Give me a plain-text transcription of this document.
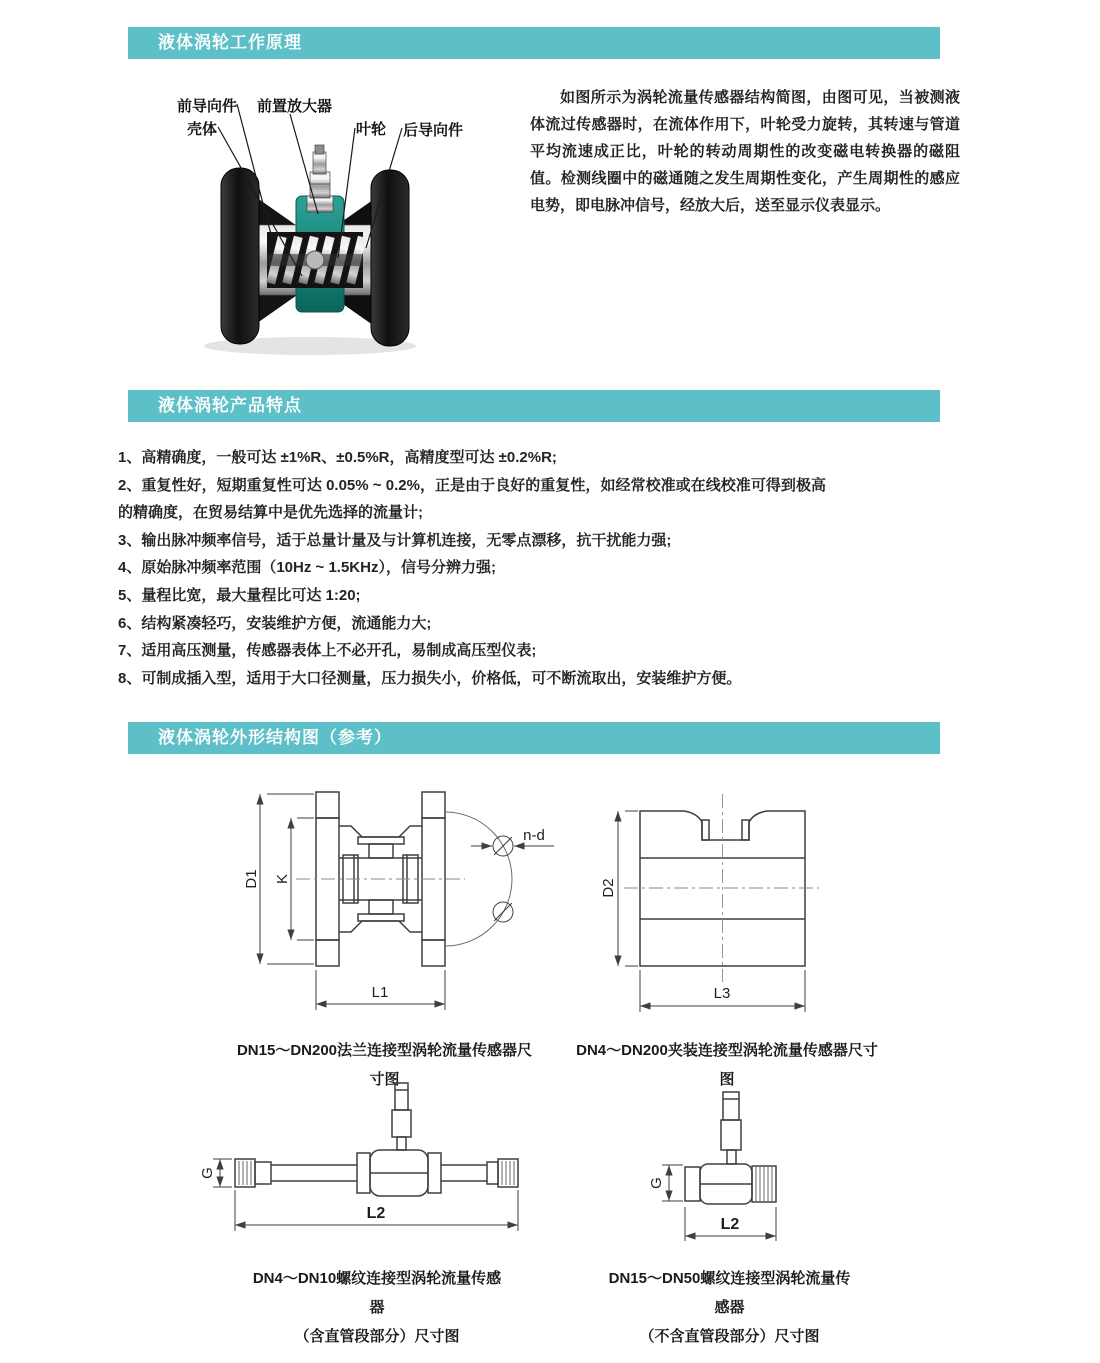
液体涡轮工作原理
前导向件 前置放大器
壳体	叶轮 后导向件

如图所示为涡轮流量传感器结构简图，由图可见，当被测液体流过传感器时，在流体作用下，叶轮受力旋转，其转速与管道平均流速成正比，叶轮的转动周期性的改变磁电转换器的磁阻值。检测线圈中的磁通随之发生周期性变化，产生周期性的感应电势，即电脉冲信号，经放大后，送至显示仪表显示。

液体涡轮产品特点

1、高精确度，一般可达 ±1%R、±0.5%R，高精度型可达 ±0.2%R;

2、重复性好，短期重复性可达 0.05% ~ 0.2%，正是由于良好的重复性，如经常校准或在线校准可得到极高的精确度，在贸易结算中是优先选择的流量计;

3、输出脉冲频率信号，适于总量计量及与计算机连接，无零点漂移，抗干扰能力强;

4、原始脉冲频率范围（10Hz ~ 1.5KHz），信号分辨力强;

5、量程比宽，最大量程比可达 1:20;

6、结构紧凑轻巧，安装维护方便，流通能力大;

7、适用高压测量，传感器表体上不必开孔，易制成高压型仪表;

8、可制成插入型，适用于大口径测量，压力损失小，价格低，可不断流取出，安装维护方便。

液体涡轮外形结构图（参考）
D1 K
n-d
L1
D2
L3

DN15～DN200法兰连接型涡轮流量传感器尺寸图

DN4～DN200夹装连接型涡轮流量传感器尺寸图

G
L2
G
L2

DN4～DN10螺纹连接型涡轮流量传感器

（含直管段部分）尺寸图

DN15～DN50螺纹连接型涡轮流量传感器

（不含直管段部分）尺寸图
